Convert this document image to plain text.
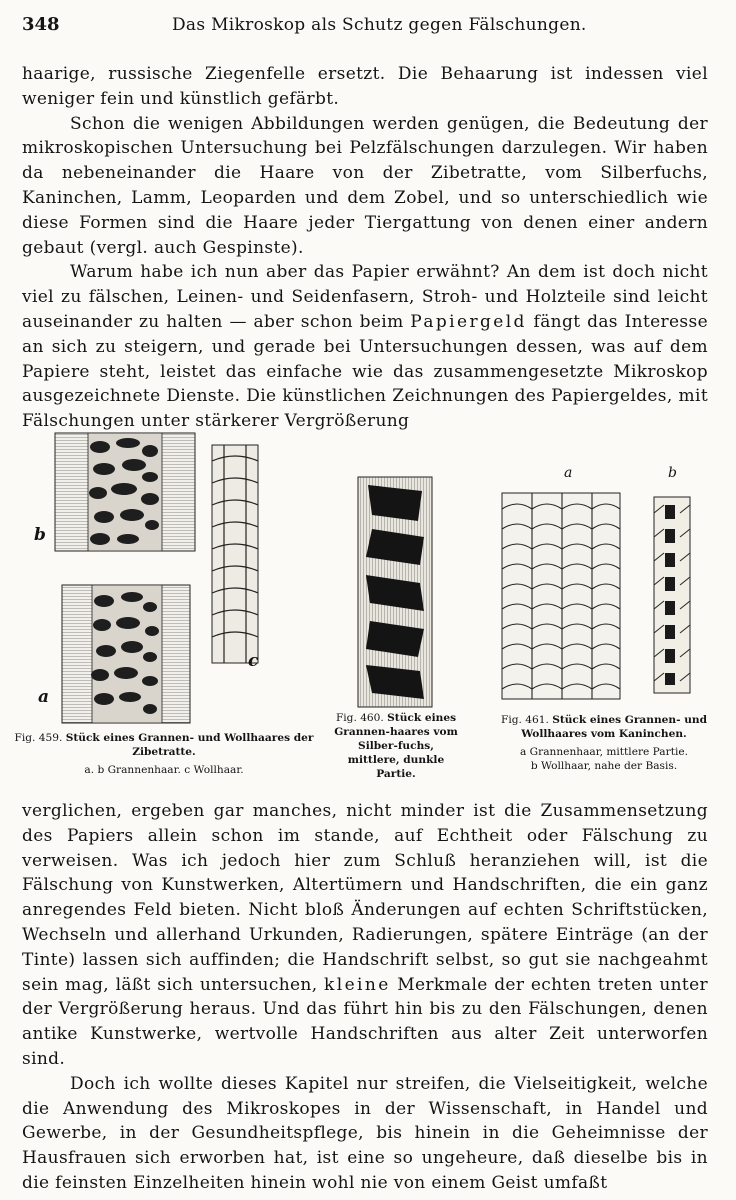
348	Das Mikroskop als Schutz gegen Fälschungen.

haarige, russische Ziegenfelle ersetzt. Die Behaarung ist indessen viel weniger fein und künstlich gefärbt.

Schon die wenigen Abbildungen werden genügen, die Bedeutung der mikroskopischen Untersuchung bei Pelzfälschungen darzulegen. Wir haben da nebeneinander die Haare von der Zibetratte, vom Silberfuchs, Kaninchen, Lamm, Leoparden und dem Zobel, und so unterschiedlich wie diese Formen sind die Haare jeder Tiergattung von denen einer andern gebaut (vergl. auch Gespinste).

Warum habe ich nun aber das Papier erwähnt? An dem ist doch nicht viel zu fälschen, Leinen- und Seidenfasern, Stroh- und Holzteile sind leicht auseinander zu halten — aber schon beim Papiergeld fängt das Interesse an sich zu steigern, und gerade bei Untersuchungen dessen, was auf dem Papiere steht, leistet das einfache wie das zusammengesetzte Mikroskop ausgezeichnete Dienste. Die künstlichen Zeichnungen des Papiergeldes, mit Fälschungen unter stärkerer Vergrößerung

b
a
c
a	b
Fig. 459. Stück eines Grannen- und Wollhaares der Zibetratte.
a. b Grannenhaar. c Wollhaar.
Fig. 460. Stück eines Grannen-haares vom Silber-fuchs, mittlere, dunkle Partie.
Fig. 461. Stück eines Grannen- und Wollhaares vom Kaninchen.
a Grannenhaar, mittlere Partie.
b Wollhaar, nahe der Basis.

verglichen, ergeben gar manches, nicht minder ist die Zusammensetzung des Papiers allein schon im stande, auf Echtheit oder Fälschung zu verweisen. Was ich jedoch hier zum Schluß heranziehen will, ist die Fälschung von Kunstwerken, Altertümern und Handschriften, die ein ganz anregendes Feld bieten. Nicht bloß Änderungen auf echten Schriftstücken, Wechseln und allerhand Urkunden, Radierungen, spätere Einträge (an der Tinte) lassen sich auffinden; die Handschrift selbst, so gut sie nachgeahmt sein mag, läßt sich untersuchen, kleine Merkmale der echten treten unter der Vergrößerung heraus. Und das führt hin bis zu den Fälschungen, denen antike Kunstwerke, wertvolle Handschriften aus alter Zeit unterworfen sind.

Doch ich wollte dieses Kapitel nur streifen, die Vielseitigkeit, welche die Anwendung des Mikroskopes in der Wissenschaft, in Handel und Gewerbe, in der Gesundheitspflege, bis hinein in die Geheimnisse der Hausfrauen sich erworben hat, ist eine so ungeheure, daß dieselbe bis in die feinsten Einzelheiten hinein wohl nie von einem Geist umfaßt
